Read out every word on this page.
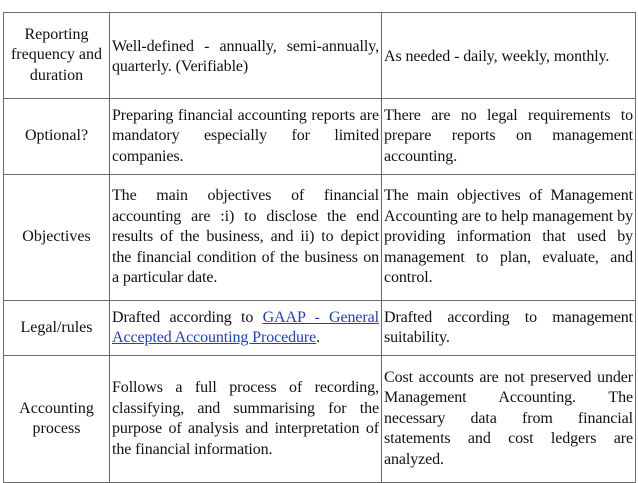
Reporting frequency and duration	Well-defined - annually, semi-annually, quarterly. (Verifiable)	As needed - daily, weekly, monthly.
Optional?	Preparing financial accounting reports are mandatory especially for limited companies.	There are no legal requirements to prepare reports on management accounting.
Objectives	The main objectives of financial accounting are :i) to disclose the end results of the business, and ii) to depict the financial condition of the business on a particular date.	The main objectives of Management Accounting are to help management by providing information that used by management to plan, evaluate, and control.
Legal/rules	Drafted according to GAAP - General Accepted Accounting Procedure.	Drafted according to management suitability.
Accounting process	Follows a full process of recording, classifying, and summarising for the purpose of analysis and interpretation of the financial information.	Cost accounts are not preserved under Management Accounting. The necessary data from financial statements and cost ledgers are analyzed.
